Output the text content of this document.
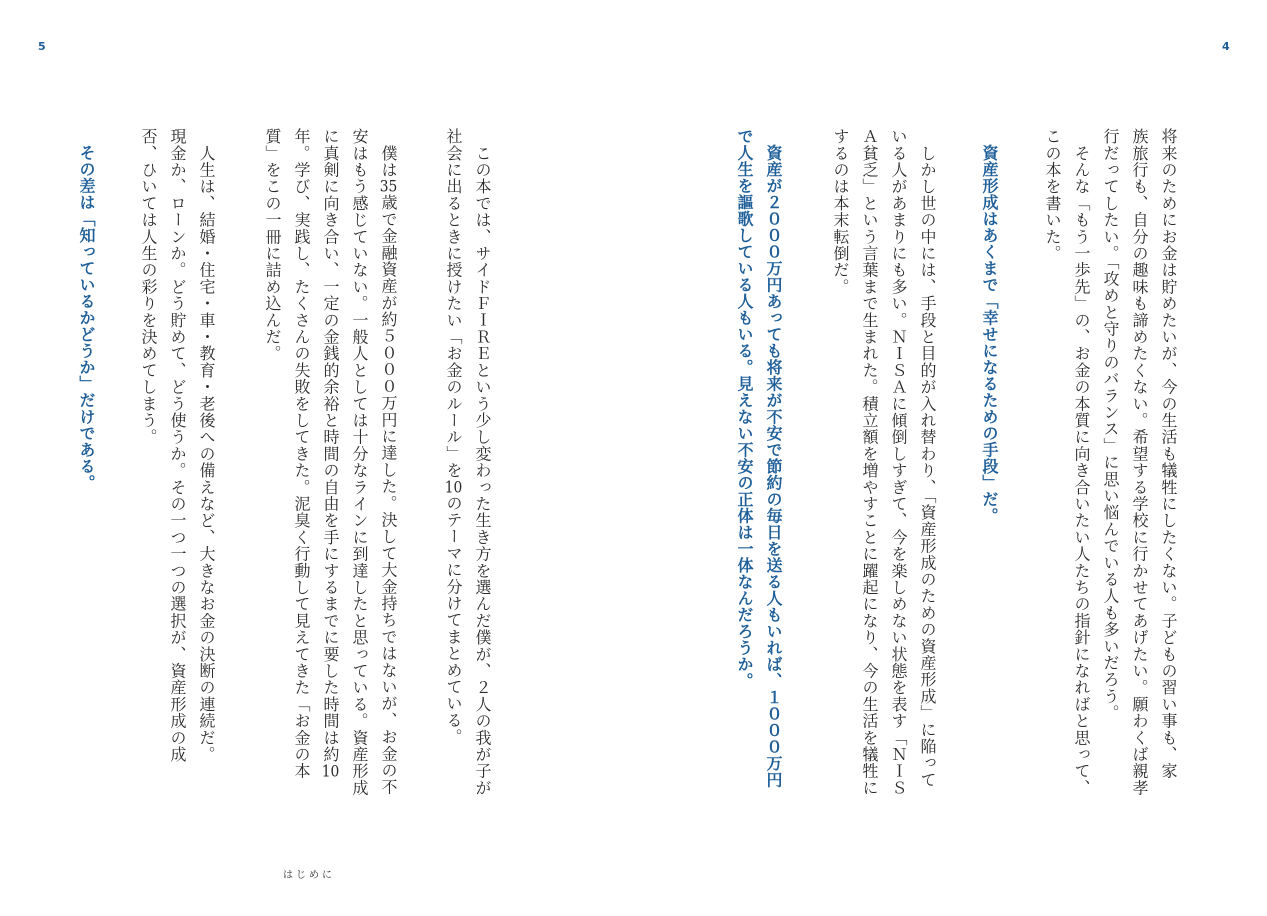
5	4
将来のためにお金は貯めたいが、今の生活も犠牲にしたくない。子どもの習い事も、家
族旅行も、自分の趣味も諦めたくない。希望する学校に行かせてあげたい。願わくば親孝
行だってしたい。「攻めと守りのバランス」に思い悩んでいる人も多いだろう。
　そんな「もう一歩先」の、お金の本質に向き合いたい人たちの指針になればと思って、
この本を書いた。
　資産形成はあくまで「幸せになるための手段」だ。
　しかし世の中には、手段と目的が入れ替わり、「資産形成のための資産形成」に陥って
いる人があまりにも多い。ＮＩＳＡに傾倒しすぎて、今を楽しめない状態を表す「ＮＩＳ
Ａ貧乏」という言葉まで生まれた。積立額を増やすことに躍起になり、今の生活を犠牲に
するのは本末転倒だ。
　資産が２０００万円あっても将来が不安で節約の毎日を送る人もいれば、１０００万円
で人生を謳歌している人もいる。見えない不安の正体は一体なんだろうか。
　この本では、サイドＦＩＲＥという少し変わった生き方を選んだ僕が、２人の我が子が
社会に出るときに授けたい「お金のルール」を10のテーマに分けてまとめている。
　僕は35歳で金融資産が約５０００万円に達した。決して大金持ちではないが、お金の不
安はもう感じていない。一般人としては十分なラインに到達したと思っている。資産形成
に真剣に向き合い、一定の金銭的余裕と時間の自由を手にするまでに要した時間は約10
年。学び、実践し、たくさんの失敗をしてきた。泥臭く行動して見えてきた「お金の本
質」をこの一冊に詰め込んだ。
　人生は、結婚・住宅・車・教育・老後への備えなど、大きなお金の決断の連続だ。
現金か、ローンか。どう貯めて、どう使うか。その一つ一つの選択が、資産形成の成
否、ひいては人生の彩りを決めてしまう。
　その差は「知っているかどうか」だけである。
はじめに
